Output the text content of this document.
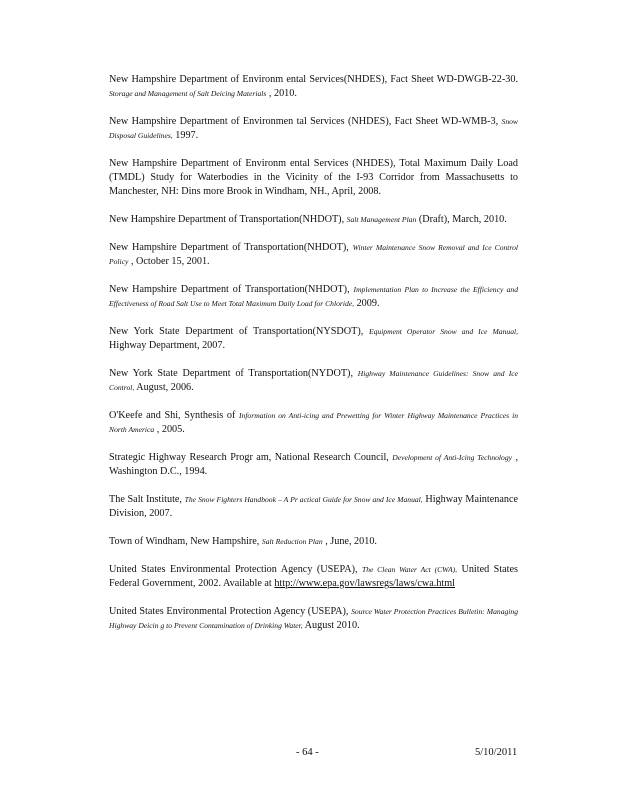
New Hampshire Department of Environm ental Services(NHDES), Fact Sheet WD-DWGB-22-30. Storage and Management of Salt Deicing Materials , 2010.

New Hampshire Department of Environmen tal Services (NHDES), Fact Sheet WD-WMB-3, Snow Disposal Guidelines, 1997.

New Hampshire Department of Environm ental Services (NHDES), Total Maximum Daily Load (TMDL) Study for Waterbodies in the Vicinity of the I-93 Corridor from Massachusetts to Manchester, NH: Dins more Brook in Windham, NH., April, 2008.

New Hampshire Department of Transportation(NHDOT), Salt Management Plan (Draft), March, 2010.

New Hampshire Department of Transportation(NHDOT), Winter Maintenance Snow Removal and Ice Control Policy , October 15, 2001.

New Hampshire Department of Transportation(NHDOT), Implementation Plan to Increase the Efficiency and Effectiveness of Road Salt Use to Meet Total Maximum Daily Load for Chloride, 2009.

New York State Department of Transportation(NYSDOT), Equipment Operator Snow and Ice Manual, Highway Department, 2007.

New York State Department of Transportation(NYDOT), Highway Maintenance Guidelines: Snow and Ice Control, August, 2006.

O'Keefe and Shi, Synthesis of Information on Anti-icing and Prewetting for Winter Highway Maintenance Practices in North America , 2005.

Strategic Highway Research Progr am, National Research Council, Development of Anti-Icing Technology , Washington D.C., 1994.

The Salt Institute, The Snow Fighters Handbook – A Pr actical Guide for Snow and Ice Manual, Highway Maintenance Division, 2007.

Town of Windham, New Hampshire, Salt Reduction Plan , June, 2010.

United States Environmental Protection Agency (USEPA), The Clean Water Act (CWA), United States Federal Government, 2002. Available at http://www.epa.gov/lawsregs/laws/cwa.html

United States Environmental Protection Agency (USEPA), Source Water Protection Practices Bulletin: Managing Highway Deicin g to Prevent Contamination of Drinking Water, August 2010.

- 64 -	5/10/2011
